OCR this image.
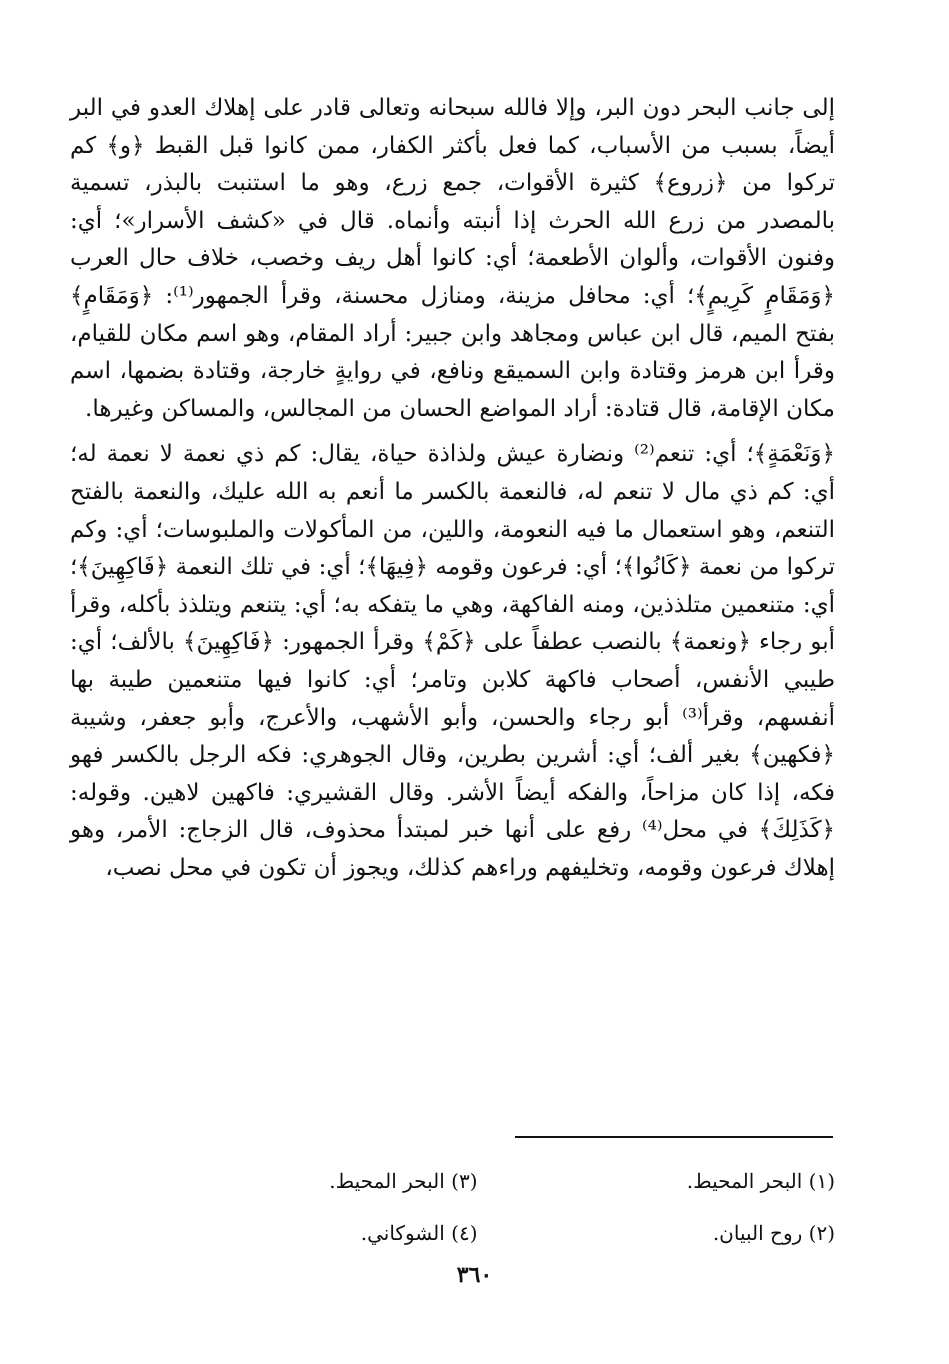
إلى جانب البحر دون البر، وإلا فالله سبحانه وتعالى قادر على إهلاك العدو في البر أيضاً، بسبب من الأسباب، كما فعل بأكثر الكفار، ممن كانوا قبل القبط ﴿و﴾ كم تركوا من ﴿زروع﴾ كثيرة الأقوات، جمع زرع، وهو ما استنبت بالبذر، تسمية بالمصدر من زرع الله الحرث إذا أنبته وأنماه. قال في «كشف الأسرار»؛ أي: وفنون الأقوات، وألوان الأطعمة؛ أي: كانوا أهل ريف وخصب، خلاف حال العرب ﴿وَمَقَامٍ كَرِيمٍ﴾؛ أي: محافل مزينة، ومنازل محسنة، وقرأ الجمهور⁽¹⁾: ﴿وَمَقَامٍ﴾ بفتح الميم، قال ابن عباس ومجاهد وابن جبير: أراد المقام، وهو اسم مكان للقيام، وقرأ ابن هرمز وقتادة وابن السميقع ونافع، في روايةٍ خارجة، وقتادة بضمها، اسم مكان الإقامة، قال قتادة: أراد المواضع الحسان من المجالس، والمساكن وغيرها.

﴿وَنَعْمَةٍ﴾؛ أي: تنعم⁽²⁾ ونضارة عيش ولذاذة حياة، يقال: كم ذي نعمة لا نعمة له؛ أي: كم ذي مال لا تنعم له، فالنعمة بالكسر ما أنعم به الله عليك، والنعمة بالفتح التنعم، وهو استعمال ما فيه النعومة، واللين، من المأكولات والملبوسات؛ أي: وكم تركوا من نعمة ﴿كَانُوا﴾؛ أي: فرعون وقومه ﴿فِيهَا﴾؛ أي: في تلك النعمة ﴿فَاكِهِينَ﴾؛ أي: متنعمين متلذذين، ومنه الفاكهة، وهي ما يتفكه به؛ أي: يتنعم ويتلذذ بأكله، وقرأ أبو رجاء ﴿ونعمة﴾ بالنصب عطفاً على ﴿كَمْ﴾ وقرأ الجمهور: ﴿فَاكِهِينَ﴾ بالألف؛ أي: طيبي الأنفس، أصحاب فاكهة كلابن وتامر؛ أي: كانوا فيها متنعمين طيبة بها أنفسهم، وقرأ⁽³⁾ أبو رجاء والحسن، وأبو الأشهب، والأعرج، وأبو جعفر، وشيبة ﴿فكهين﴾ بغير ألف؛ أي: أشرين بطرين، وقال الجوهري: فكه الرجل بالكسر فهو فكه، إذا كان مزاحاً، والفكه أيضاً الأشر. وقال القشيري: فاكهين لاهين. وقوله: ﴿كَذَلِكَ﴾ في محل⁽⁴⁾ رفع على أنها خبر لمبتدأ محذوف، قال الزجاج: الأمر، وهو إهلاك فرعون وقومه، وتخليفهم وراءهم كذلك، ويجوز أن تكون في محل نصب،

(١) البحر المحيط.
(٣) البحر المحيط.
(٢) روح البيان.
(٤) الشوكاني.
٣٦٠
